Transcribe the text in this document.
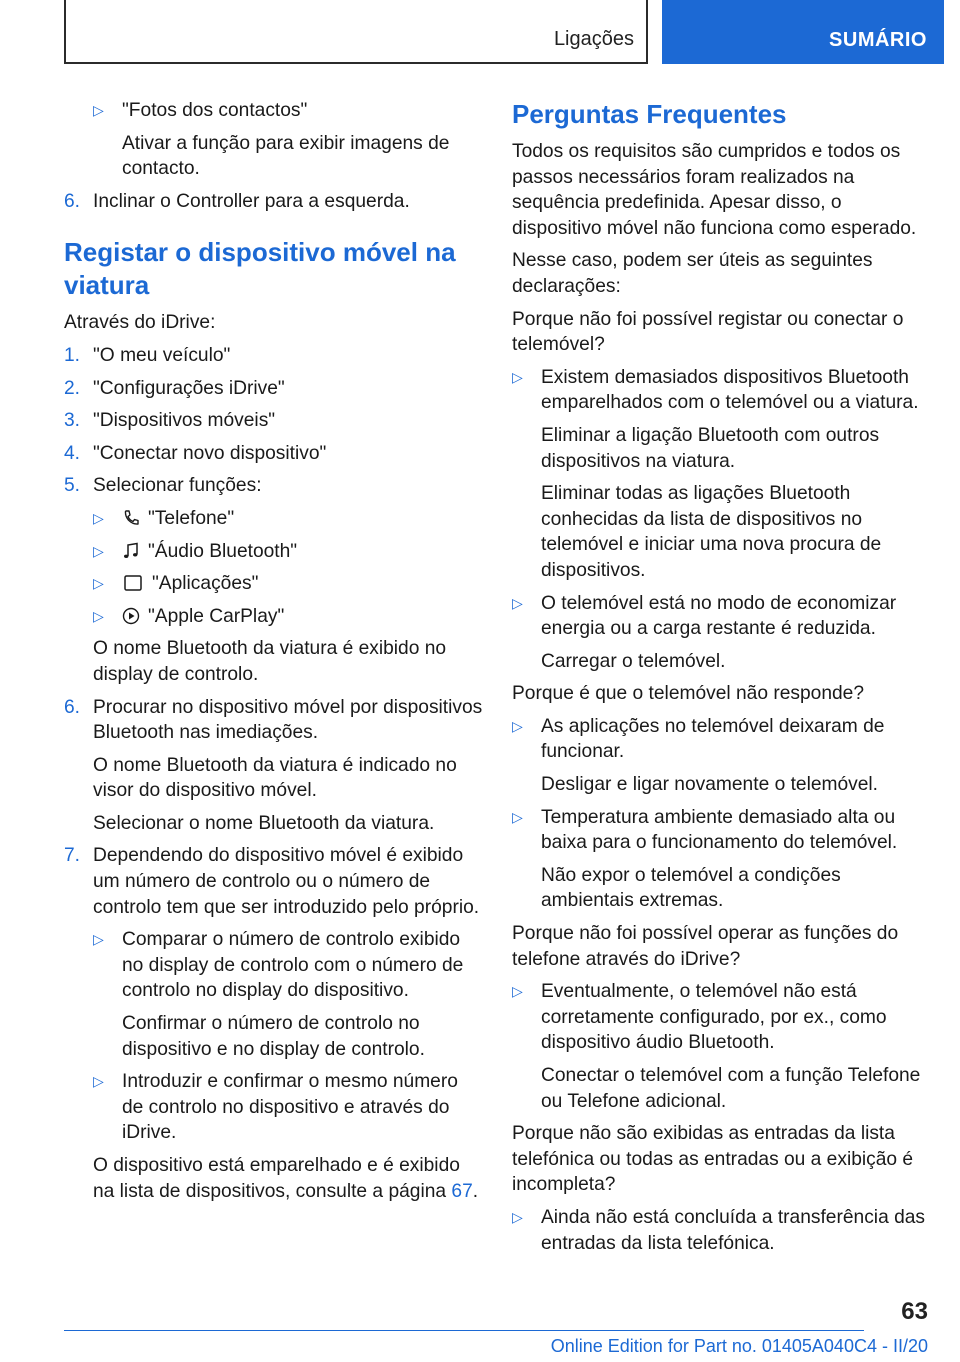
Ligações	SUMÁRIO
▷ "Fotos dos contactos"
Ativar a função para exibir imagens de contacto.
6. Inclinar o Controller para a esquerda.
Registar o dispositivo móvel na viatura
Através do iDrive:
1. "O meu veículo"
2. "Configurações iDrive"
3. "Dispositivos móveis"
4. "Conectar novo dispositivo"
5. Selecionar funções:
▷	"Telefone"
▷	"Áudio Bluetooth"
▷	"Aplicações"
▷	"Apple CarPlay"
O nome Bluetooth da viatura é exibido no display de controlo.
6. Procurar no dispositivo móvel por dispositivos Bluetooth nas imediações.
O nome Bluetooth da viatura é indicado no visor do dispositivo móvel.
Selecionar o nome Bluetooth da viatura.
7. Dependendo do dispositivo móvel é exibido um número de controlo ou o número de controlo tem que ser introduzido pelo próprio.
▷ Comparar o número de controlo exibido no display de controlo com o número de controlo no display do dispositivo.
Confirmar o número de controlo no dispositivo e no display de controlo.
▷ Introduzir e confirmar o mesmo número de controlo no dispositivo e através do iDrive.
O dispositivo está emparelhado e é exibido na lista de dispositivos, consulte a página 67.
Perguntas Frequentes
Todos os requisitos são cumpridos e todos os passos necessários foram realizados na sequência predefinida. Apesar disso, o dispositivo móvel não funciona como esperado.
Nesse caso, podem ser úteis as seguintes declarações:
Porque não foi possível registar ou conectar o telemóvel?
▷ Existem demasiados dispositivos Bluetooth emparelhados com o telemóvel ou a viatura.
Eliminar a ligação Bluetooth com outros dispositivos na viatura.
Eliminar todas as ligações Bluetooth conhecidas da lista de dispositivos no telemóvel e iniciar uma nova procura de dispositivos.
▷ O telemóvel está no modo de economizar energia ou a carga restante é reduzida.
Carregar o telemóvel.
Porque é que o telemóvel não responde?
▷ As aplicações no telemóvel deixaram de funcionar.
Desligar e ligar novamente o telemóvel.
▷ Temperatura ambiente demasiado alta ou baixa para o funcionamento do telemóvel.
Não expor o telemóvel a condições ambientais extremas.
Porque não foi possível operar as funções do telefone através do iDrive?
▷ Eventualmente, o telemóvel não está corretamente configurado, por ex., como dispositivo áudio Bluetooth.
Conectar o telemóvel com a função Telefone ou Telefone adicional.
Porque não são exibidas as entradas da lista telefónica ou todas as entradas ou a exibição é incompleta?
▷ Ainda não está concluída a transferência das entradas da lista telefónica.
63
Online Edition for Part no. 01405A040C4 - II/20
